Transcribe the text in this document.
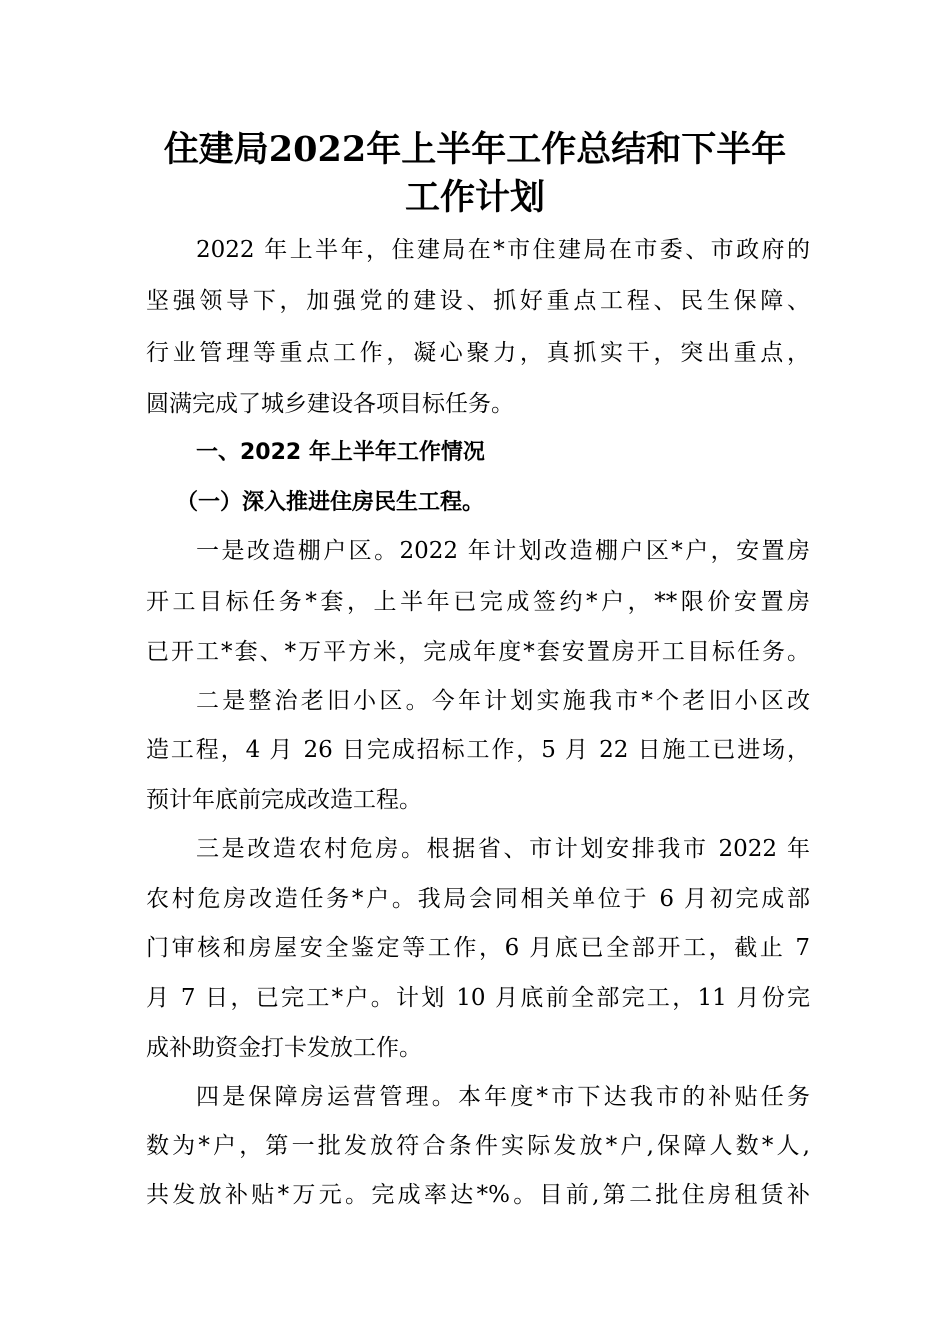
住建局2022年上半年工作总结和下半年
工作计划
2022 年上半年，住建局在*市住建局在市委、市政府的
坚强领导下，加强党的建设、抓好重点工程、民生保障、
行业管理等重点工作，凝心聚力，真抓实干，突出重点，
圆满完成了城乡建设各项目标任务。
一、2022 年上半年工作情况
（一）深入推进住房民生工程。
一是改造棚户区。2022 年计划改造棚户区*户，安置房
开工目标任务*套，上半年已完成签约*户，**限价安置房
已开工*套、*万平方米，完成年度*套安置房开工目标任务。
二是整治老旧小区。今年计划实施我市*个老旧小区改
造工程，4 月 26 日完成招标工作，5 月 22 日施工已进场，
预计年底前完成改造工程。
三是改造农村危房。根据省、市计划安排我市 2022 年
农村危房改造任务*户。我局会同相关单位于 6 月初完成部
门审核和房屋安全鉴定等工作，6 月底已全部开工，截止 7
月 7 日，已完工*户。计划 10 月底前全部完工，11 月份完
成补助资金打卡发放工作。
四是保障房运营管理。本年度*市下达我市的补贴任务
数为*户，第一批发放符合条件实际发放*户,保障人数*人,
共发放补贴*万元。完成率达*%。目前,第二批住房租赁补
